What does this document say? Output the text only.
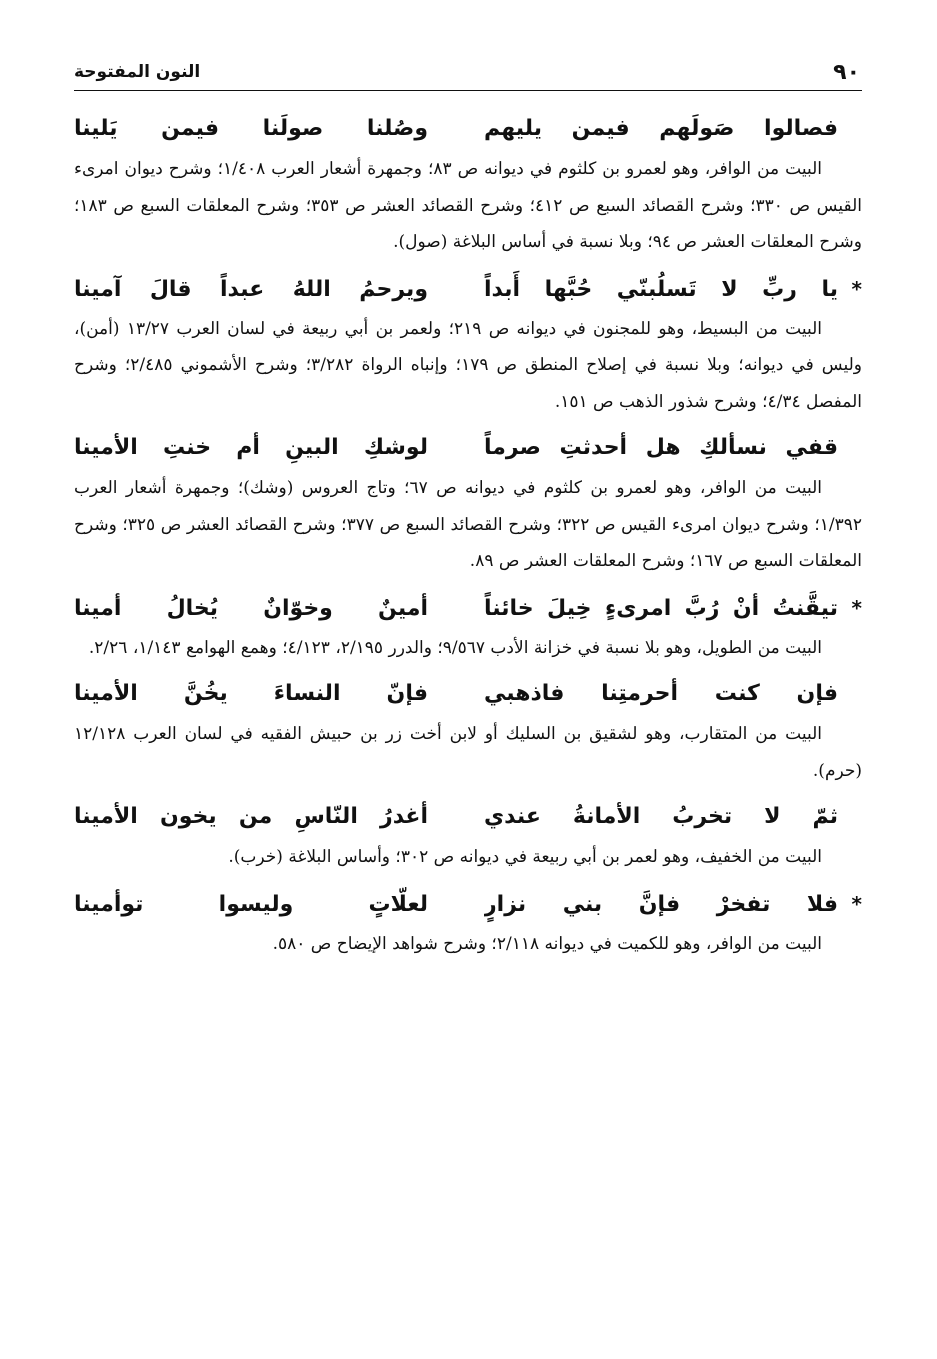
٩٠
النون المفتوحة
فصالوا صَولَهم فيمن يليهم
وصُلنا صولَنا فيمن يَلينا

البيت من الوافر، وهو لعمرو بن كلثوم في ديوانه ص ٨٣؛ وجمهرة أشعار العرب ١/٤٠٨؛ وشرح ديوان امرىء القيس ص ٣٣٠؛ وشرح القصائد السبع ص ٤١٢؛ وشرح القصائد العشر ص ٣٥٣؛ وشرح المعلقات السبع ص ١٨٣؛ وشرح المعلقات العشر ص ٩٤؛ وبلا نسبة في أساس البلاغة (صول).

*
يا ربِّ لا تَسلُبنّي حُبَّها أَبداً
ويرحمُ اللهُ عبداً قالَ آمينا

البيت من البسيط، وهو للمجنون في ديوانه ص ٢١٩؛ ولعمر بن أبي ربيعة في لسان العرب ١٣/٢٧ (أمن)، وليس في ديوانه؛ وبلا نسبة في إصلاح المنطق ص ١٧٩؛ وإنباه الرواة ٣/٢٨٢؛ وشرح الأشموني ٢/٤٨٥؛ وشرح المفصل ٤/٣٤؛ وشرح شذور الذهب ص ١٥١.

قفي نسألكِ هل أحدثتِ صرماً
لوشكِ البينِ أم خنتِ الأمينا

البيت من الوافر، وهو لعمرو بن كلثوم في ديوانه ص ٦٧؛ وتاج العروس (وشك)؛ وجمهرة أشعار العرب ١/٣٩٢؛ وشرح ديوان امرىء القيس ص ٣٢٢؛ وشرح القصائد السبع ص ٣٧٧؛ وشرح القصائد العشر ص ٣٢٥؛ وشرح المعلقات السبع ص ١٦٧؛ وشرح المعلقات العشر ص ٨٩.

*
تيقَّنتُ أنْ رُبَّ امرىءٍ خِيلَ خائناً
أمينٌ وخوّانٌ يُخالُ أمينا

البيت من الطويل، وهو بلا نسبة في خزانة الأدب ٩/٥٦٧؛ والدرر ٢/١٩٥، ٤/١٢٣؛ وهمع الهوامع ١/١٤٣، ٢/٢٦.

فإن كنت أحرمتِنا فاذهبي
فإنّ النساءَ يخُنَّ الأمينا

البيت من المتقارب، وهو لشقيق بن السليك أو لابن أخت زر بن حبيش الفقيه في لسان العرب ١٢/١٢٨ (حرم).

ثمّ لا تخربُ الأمانةُ عندي
أغدرُ النّاسِ من يخون الأمينا

البيت من الخفيف، وهو لعمر بن أبي ربيعة في ديوانه ص ٣٠٢؛ وأساس البلاغة (خرب).

*
فلا تفخرْ فإنَّ بني نزارٍ
لعلّاتٍ وليسوا توأمينا

البيت من الوافر، وهو للكميت في ديوانه ٢/١١٨؛ وشرح شواهد الإيضاح ص ٥٨٠.
